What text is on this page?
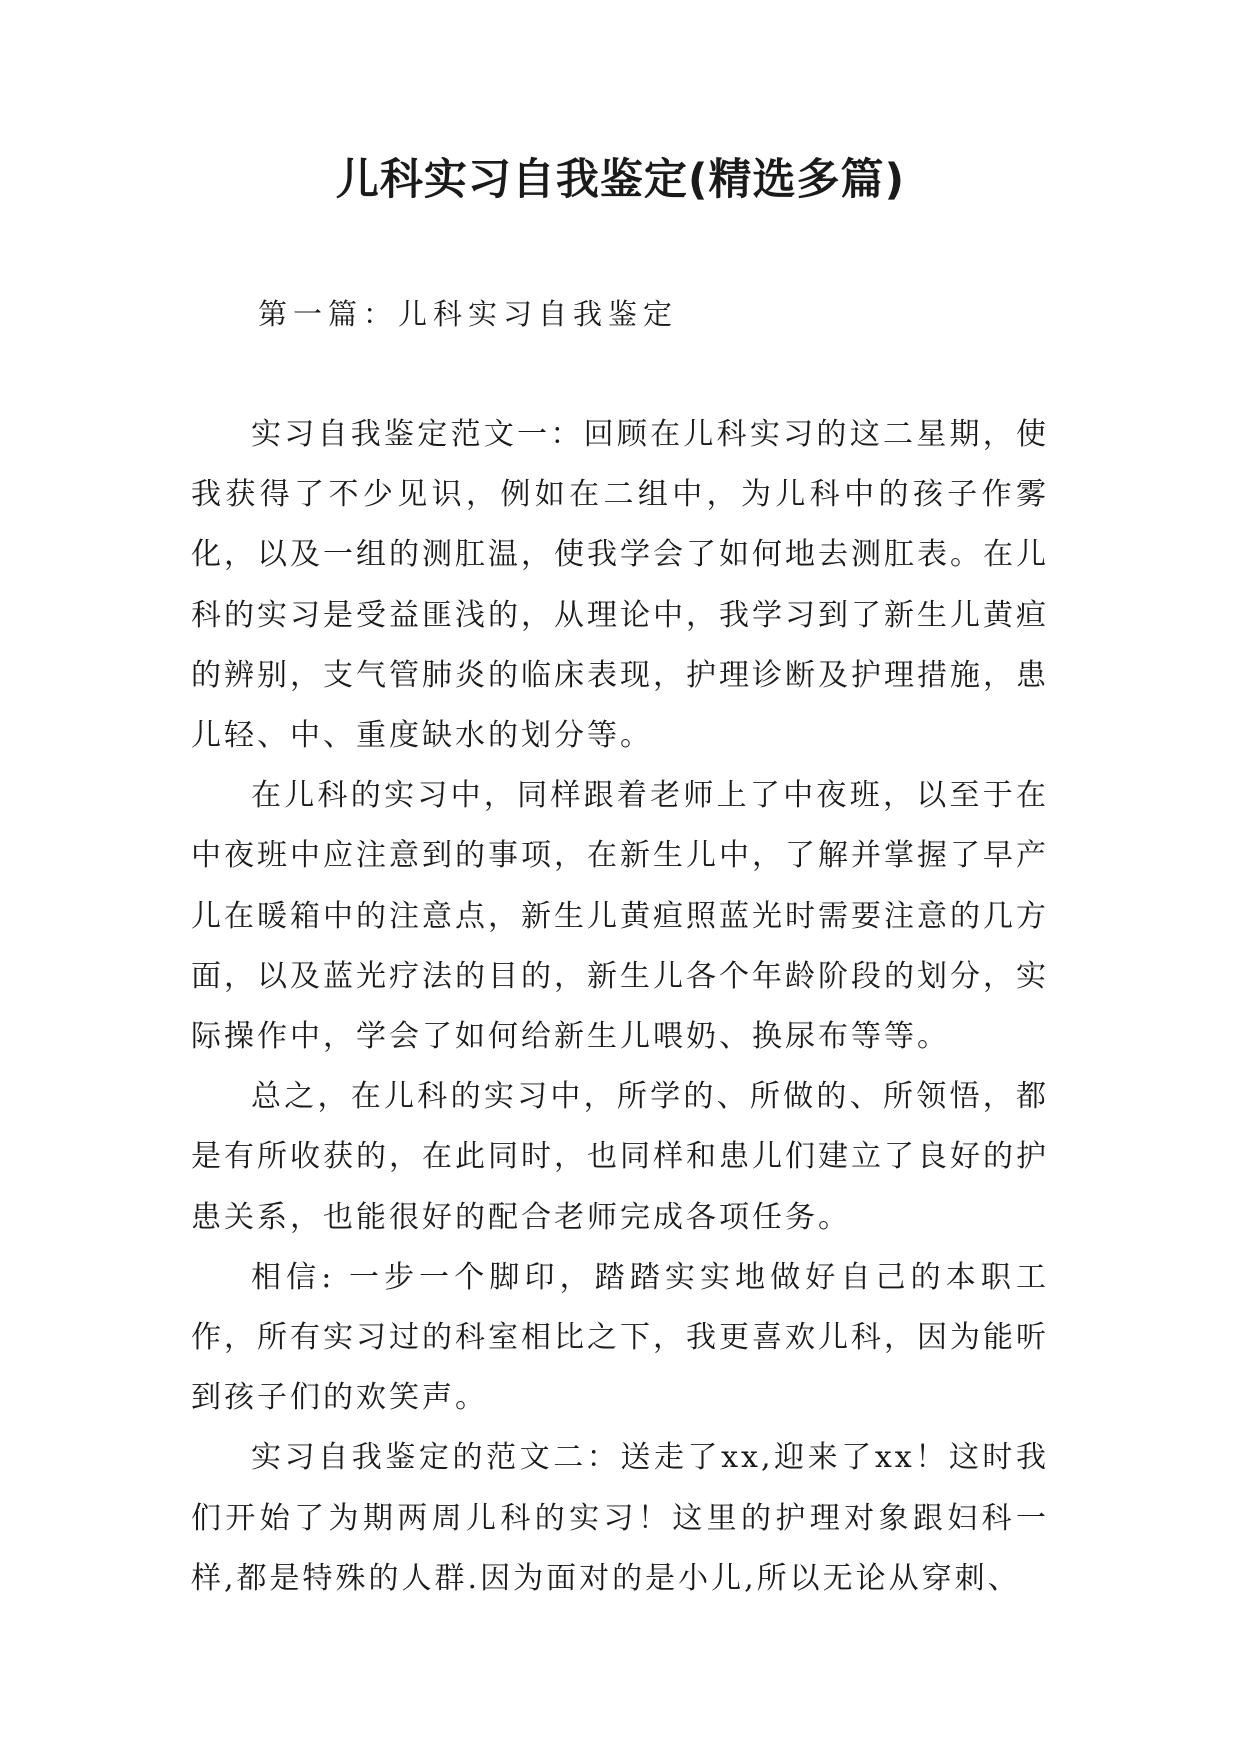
儿科实习自我鉴定(精选多篇)
第一篇：儿科实习自我鉴定

实习自我鉴定范文一：回顾在儿科实习的这二星期，使我获得了不少见识，例如在二组中，为儿科中的孩子作雾化，以及一组的测肛温，使我学会了如何地去测肛表。在儿科的实习是受益匪浅的，从理论中，我学习到了新生儿黄疸的辨别，支气管肺炎的临床表现，护理诊断及护理措施，患儿轻、中、重度缺水的划分等。

在儿科的实习中，同样跟着老师上了中夜班，以至于在中夜班中应注意到的事项，在新生儿中，了解并掌握了早产儿在暖箱中的注意点，新生儿黄疸照蓝光时需要注意的几方面，以及蓝光疗法的目的，新生儿各个年龄阶段的划分，实际操作中，学会了如何给新生儿喂奶、换尿布等等。

总之，在儿科的实习中，所学的、所做的、所领悟，都是有所收获的，在此同时，也同样和患儿们建立了良好的护患关系，也能很好的配合老师完成各项任务。

相信: 一步一个脚印，踏踏实实地做好自己的本职工作，所有实习过的科室相比之下，我更喜欢儿科，因为能听到孩子们的欢笑声。

实习自我鉴定的范文二：送走了xx,迎来了xx！这时我们开始了为期两周儿科的实习！这里的护理对象跟妇科一样,都是特殊的人群.因为面对的是小儿,所以无论从穿刺、
